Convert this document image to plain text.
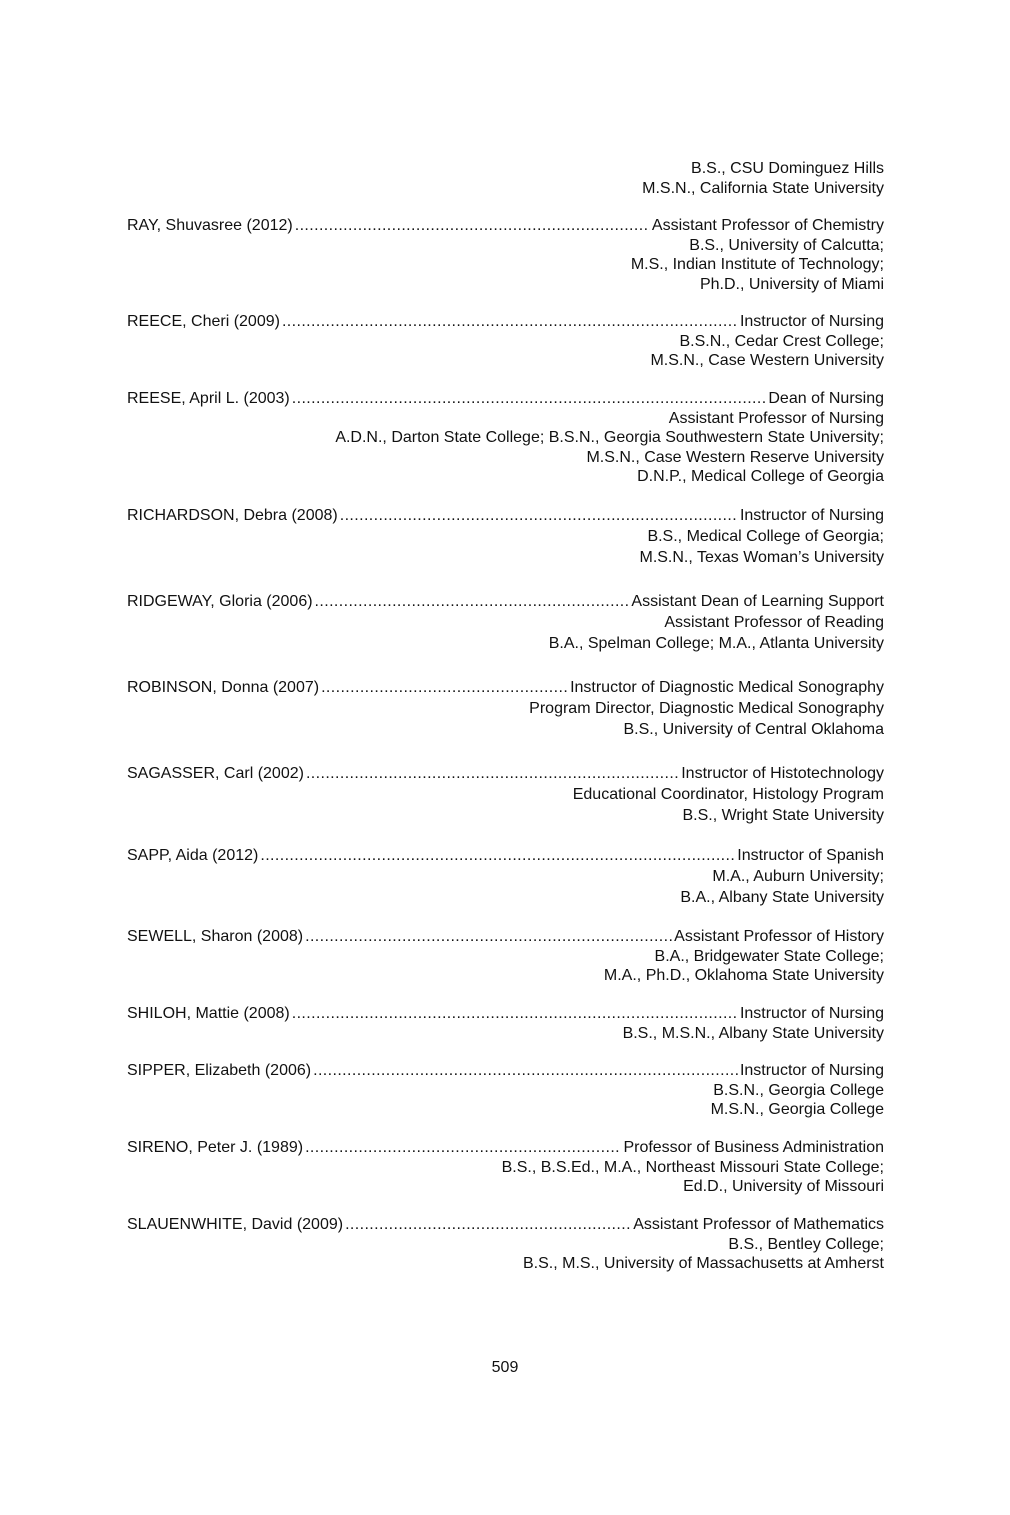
B.S., CSU Dominguez Hills
M.S.N., California State University
RAY, Shuvasree (2012) .....	Assistant Professor of Chemistry
B.S., University of Calcutta;
M.S., Indian Institute of Technology;
Ph.D., University of Miami
REECE, Cheri (2009) .....	Instructor of Nursing
B.S.N., Cedar Crest College;
M.S.N., Case Western University
REESE, April L. (2003) .....	Dean of Nursing
Assistant Professor of Nursing
A.D.N., Darton State College; B.S.N., Georgia Southwestern State University;
M.S.N., Case Western Reserve University
D.N.P., Medical College of Georgia
RICHARDSON, Debra (2008) .....	Instructor of Nursing
B.S., Medical College of Georgia;
M.S.N., Texas Woman’s University
RIDGEWAY, Gloria (2006) .....	Assistant Dean of Learning Support
Assistant Professor of Reading
B.A., Spelman College; M.A., Atlanta University
ROBINSON, Donna (2007) .....	Instructor of Diagnostic Medical Sonography
Program Director, Diagnostic Medical Sonography
B.S., University of Central Oklahoma
SAGASSER, Carl (2002) .....	Instructor of Histotechnology
Educational Coordinator, Histology Program
B.S., Wright State University
SAPP, Aida (2012) .....	Instructor of Spanish
M.A., Auburn University;
B.A., Albany State University
SEWELL, Sharon (2008) .....	Assistant Professor of History
B.A., Bridgewater State College;
M.A., Ph.D., Oklahoma State University
SHILOH, Mattie (2008) .....	Instructor of Nursing
B.S., M.S.N., Albany State University
SIPPER, Elizabeth (2006) .....	Instructor of Nursing
B.S.N., Georgia College
M.S.N., Georgia College
SIRENO, Peter J. (1989) .....	Professor of Business Administration
B.S., B.S.Ed., M.A., Northeast Missouri State College;
Ed.D., University of Missouri
SLAUENWHITE, David (2009) .....	Assistant Professor of Mathematics
B.S., Bentley College;
B.S., M.S., University of Massachusetts at Amherst
509
